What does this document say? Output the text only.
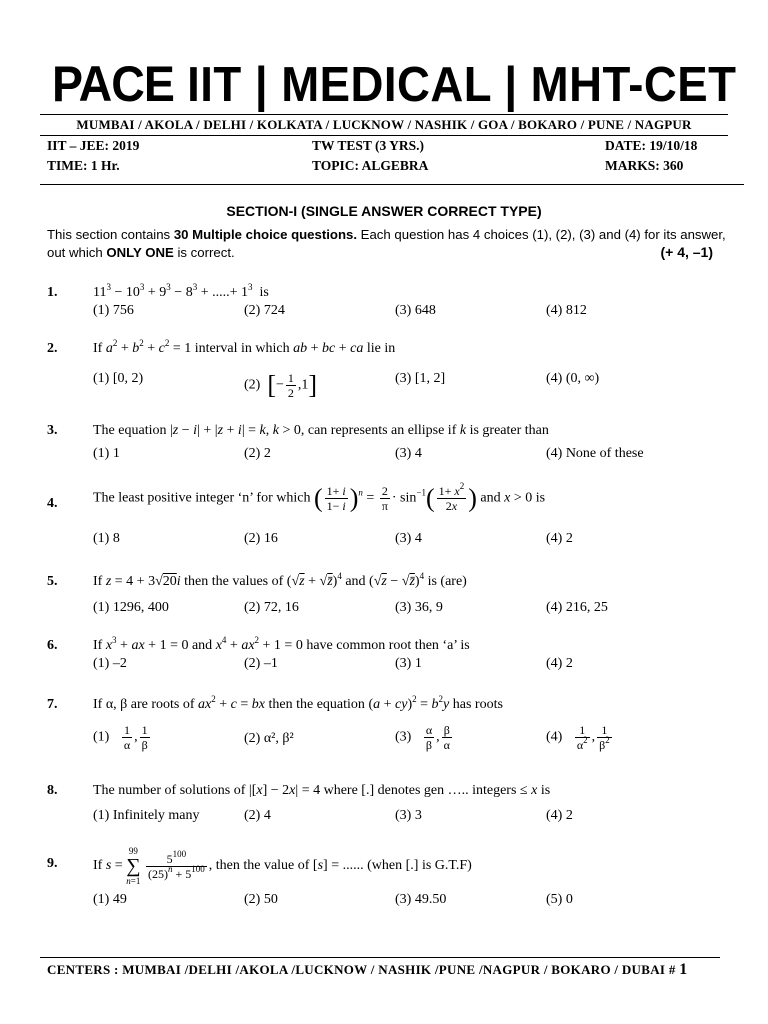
PACE IIT | MEDICAL | MHT-CET
MUMBAI / AKOLA / DELHI / KOLKATA / LUCKNOW / NASHIK / GOA / BOKARO / PUNE / NAGPUR
IIT – JEE: 2019	TW TEST (3 YRS.)	DATE: 19/10/18
TIME: 1 Hr.	TOPIC: ALGEBRA	MARKS: 360
SECTION-I (SINGLE ANSWER CORRECT TYPE)
This section contains 30 Multiple choice questions. Each question has 4 choices (1), (2), (3) and (4) for its answer, out which ONLY ONE is correct.	(+ 4, –1)
1.	$11^3 - 10^3 + 9^3 - 8^3$ + .....+ $1^3$  is
(1) 756	(2) 724	(3) 648	(4) 812
2.	If $a^2 + b^2 + c^2 = 1$ interval in which ab + bc + ca lie in
(1) [0, 2)	(2) [− $\frac{1}{2} ,1$]	(3) [1, 2]	(4) (0, ∞)
3.	The equation |z − i| + |z + i| = k, k > 0, can represents an ellipse if k is greater than
(1) 1	(2) 2	(3) 4	(4) None of these
4.	The least positive integer ‘n’ for which ( $\frac{1+ i}{1- i} )^n = \frac{2}{\pi} \cdot \sin^{-1}( \frac{1+ x^2}{2x}$ ) and x > 0 is
(1) 8	(2) 16	(3) 4	(4) 2
5.	If z = 4 + 3√20i then the values of (√z + √z̄)$^4$ and (√z − √z̄)$^4$ is (are)
(1) 1296, 400	(2) 72, 16	(3) 36, 9	(4) 216, 25
6.	If $x^3$ + ax + 1 = 0 and $x^4 + ax^2 + 1 = 0$ have common root then ‘a’ is
(1) –2	(2) –1	(3) 1	(4) 2
7.	If α, β are roots of $ax^2 + c$ = bx then the equation $(a + cy)^2 = b^2y$ has roots
$(1) \frac{1}{\alpha}$ , $\frac{1}{\beta}$	(2) α², β²	$(3) \frac{\alpha}{\beta}$ , $\frac{\beta}{\alpha}$	$(4) \frac{1}{\alpha^2}$ , $\frac{1}{\beta^2}$
8.	The number of solutions of |[x] − 2x| = 4 where [.] denotes gen ….. integers ≤ x is
(1) Infinitely many	(2) 4	(3) 3	(4) 2
9.	If s = 99
∑
n=1
$\frac{5^{100}}{(25)^n + 5^{100}}$ , then the value of [s] = ...... (when [.] is G.T.F)
(1) 49	(2) 50	(3) 49.50	(5) 0
CENTERS : MUMBAI /DELHI /AKOLA /LUCKNOW / NASHIK /PUNE /NAGPUR / BOKARO / DUBAI # 1
